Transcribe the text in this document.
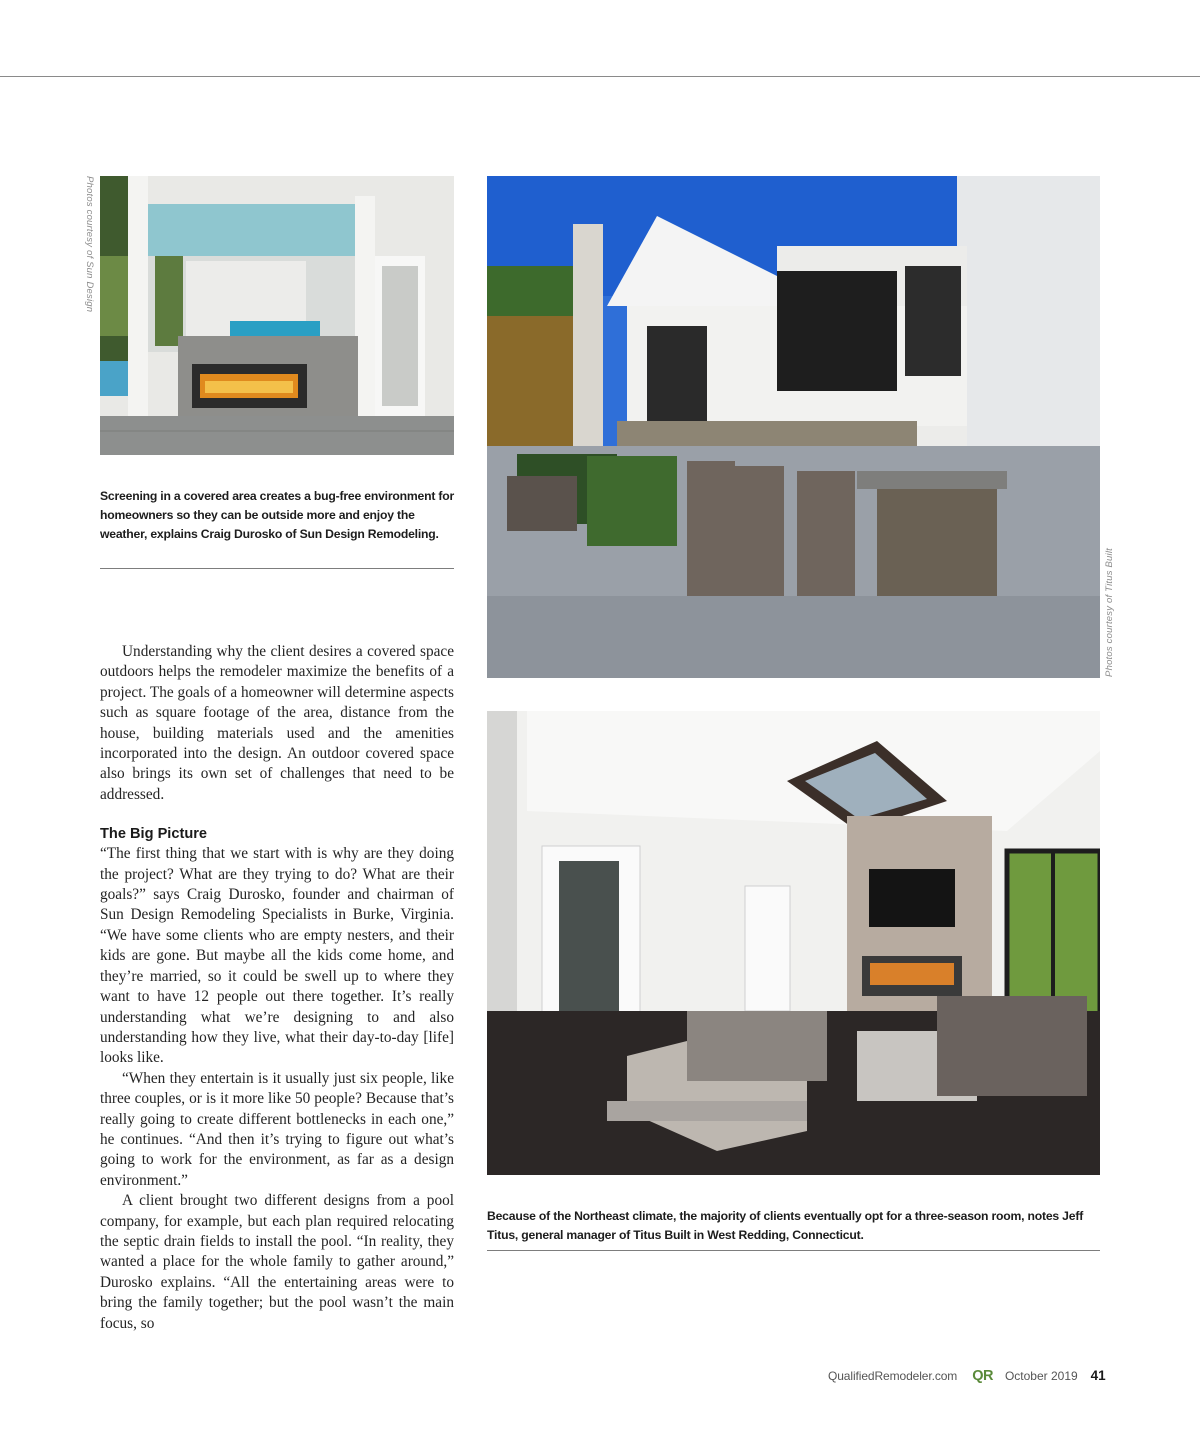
Photos courtesy of Sun Design
Screening in a covered area creates a bug-free environment for homeowners so they can be outside more and enjoy the weather, explains Craig Durosko of Sun Design Remodeling.
Photos courtesy of Titus Built
Because of the Northeast climate, the majority of clients eventually opt for a three-season room, notes Jeff Titus, general manager of Titus Built in West Redding, Connecticut.

Understanding why the client desires a covered space outdoors helps the remodeler maximize the benefits of a project. The goals of a homeowner will determine aspects such as square footage of the area, distance from the house, building materials used and the amenities incorporated into the design. An outdoor covered space also brings its own set of challenges that need to be addressed.

The Big Picture

“The first thing that we start with is why are they doing the project? What are they trying to do? What are their goals?” says Craig Durosko, founder and chairman of Sun Design Remodeling Specialists in Burke, Virginia. “We have some clients who are empty nesters, and their kids are gone. But maybe all the kids come home, and they’re married, so it could be swell up to where they want to have 12 people out there together. It’s really understanding what we’re designing to and also understanding how they live, what their day-to-day [life] looks like.

“When they entertain is it usually just six people, like three couples, or is it more like 50 people? Because that’s really going to create different bottlenecks in each one,” he continues. “And then it’s trying to figure out what’s going to work for the environment, as far as a design environment.”

A client brought two different designs from a pool company, for example, but each plan required relocating the septic drain fields to install the pool. “In reality, they wanted a place for the whole family to gather around,” Durosko explains. “All the entertaining areas were to bring the family together; but the pool wasn’t the main focus, so

QualifiedRemodeler.com QR October 2019 41
